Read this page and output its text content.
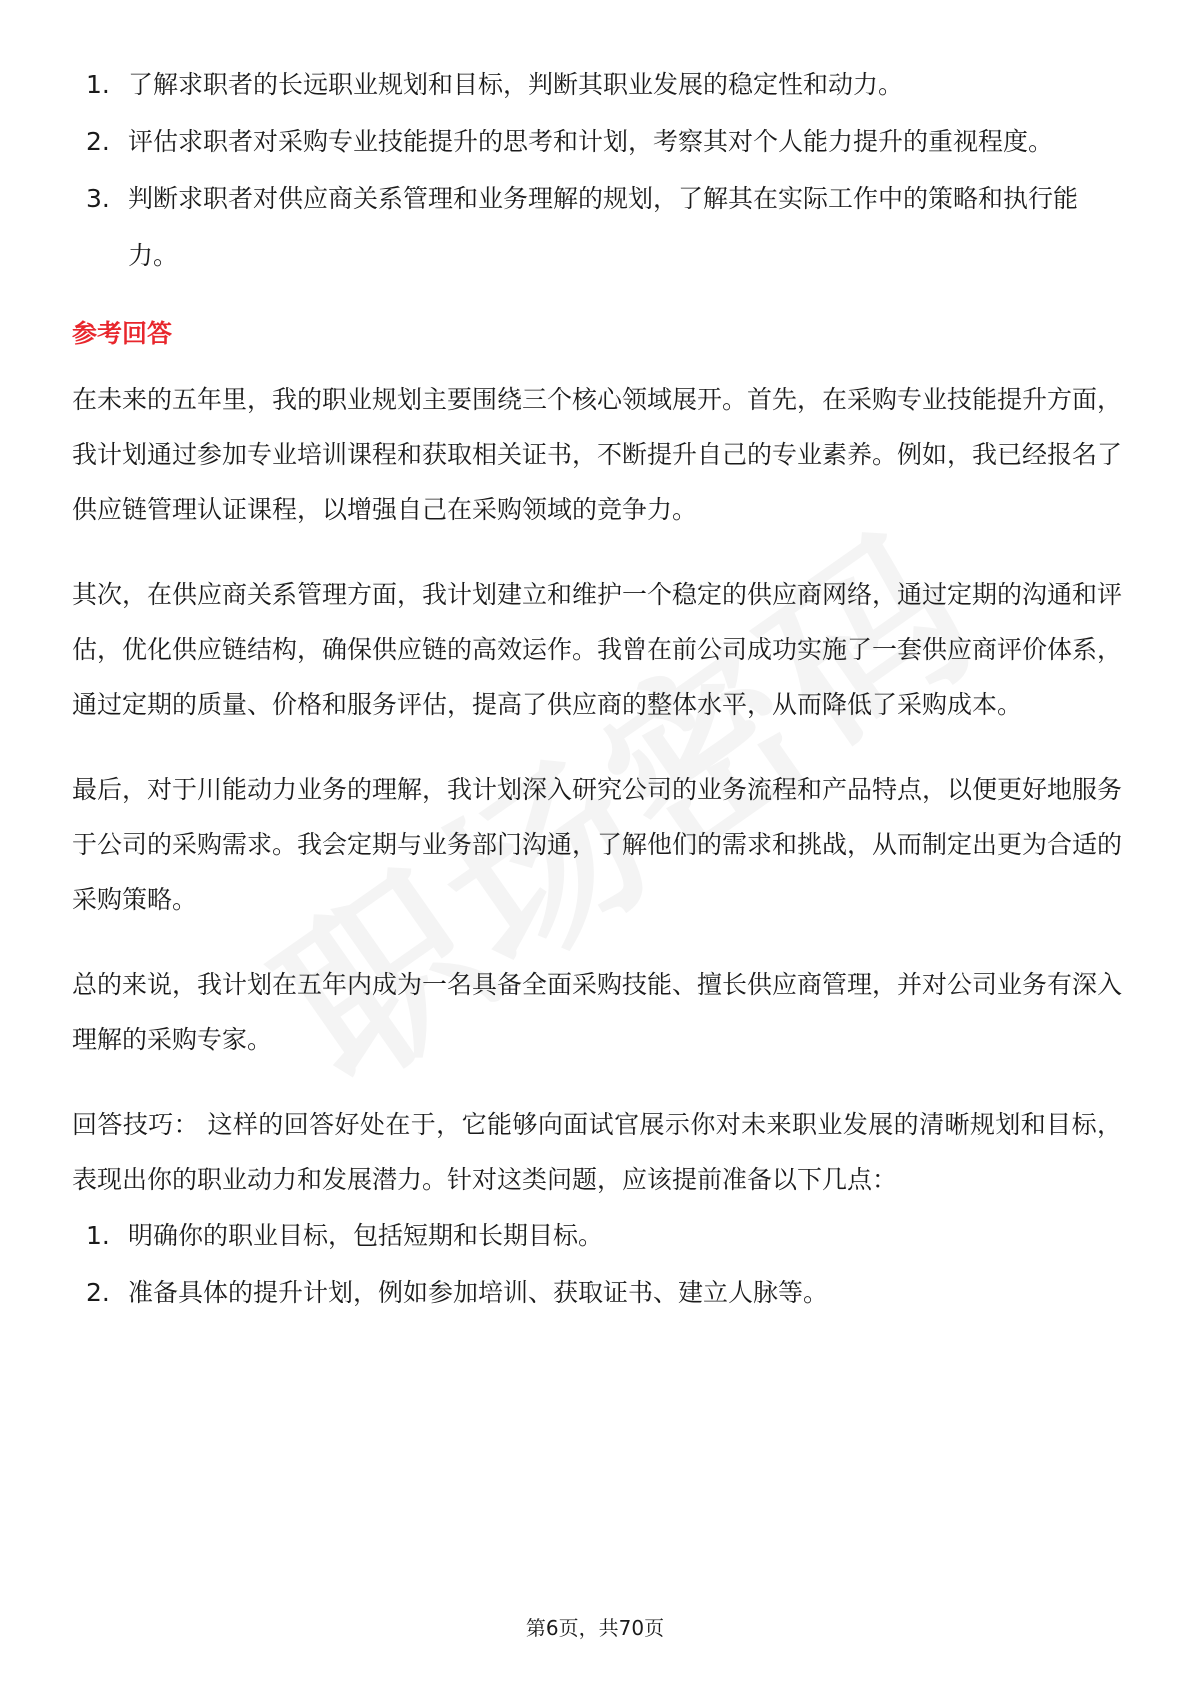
1. 了解求职者的长远职业规划和目标，判断其职业发展的稳定性和动力。
2. 评估求职者对采购专业技能提升的思考和计划，考察其对个人能力提升的重视程度。
3. 判断求职者对供应商关系管理和业务理解的规划，了解其在实际工作中的策略和执行能力。
参考回答

在未来的五年里，我的职业规划主要围绕三个核心领域展开。首先，在采购专业技能提升方面，我计划通过参加专业培训课程和获取相关证书，不断提升自己的专业素养。例如，我已经报名了供应链管理认证课程，以增强自己在采购领域的竞争力。

其次，在供应商关系管理方面，我计划建立和维护一个稳定的供应商网络，通过定期的沟通和评估，优化供应链结构，确保供应链的高效运作。我曾在前公司成功实施了一套供应商评价体系，通过定期的质量、价格和服务评估，提高了供应商的整体水平，从而降低了采购成本。

最后，对于川能动力业务的理解，我计划深入研究公司的业务流程和产品特点，以便更好地服务于公司的采购需求。我会定期与业务部门沟通，了解他们的需求和挑战，从而制定出更为合适的采购策略。

总的来说，我计划在五年内成为一名具备全面采购技能、擅长供应商管理，并对公司业务有深入理解的采购专家。

回答技巧： 这样的回答好处在于，它能够向面试官展示你对未来职业发展的清晰规划和目标，表现出你的职业动力和发展潜力。针对这类问题，应该提前准备以下几点：

1. 明确你的职业目标，包括短期和长期目标。
2. 准备具体的提升计划，例如参加培训、获取证书、建立人脉等。
第6页，共70页
